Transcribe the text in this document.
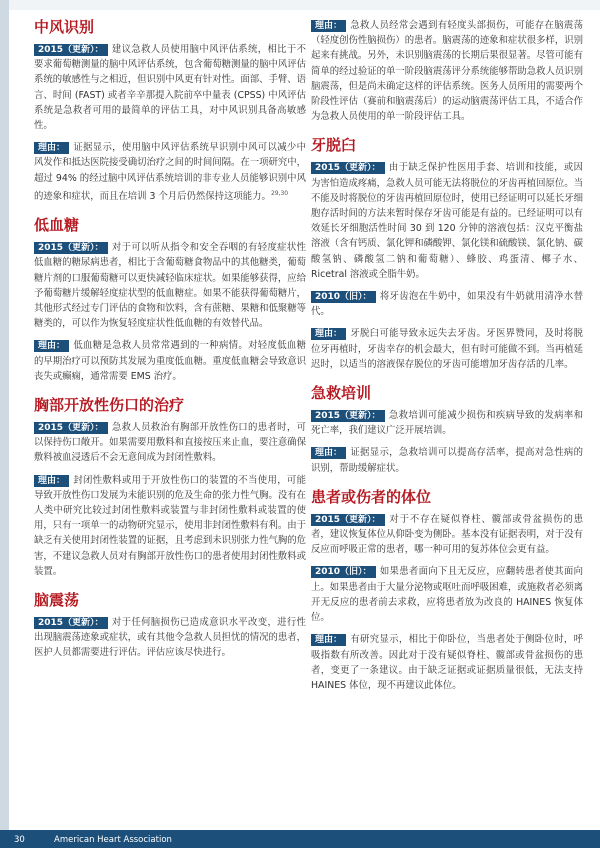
中风识别

2015（更新）： 建议急救人员使用脑中风评估系统，相比于不要求葡萄糖测量的脑中风评估系统，包含葡萄糖测量的脑中风评估系统的敏感性与之相近，但识别中风更有针对性。面部、手臂、语言、时间 (FAST) 或者辛辛那提入院前卒中量表 (CPSS) 中风评估系统是急救者可用的最简单的评估工具，对中风识别具备高敏感性。

理由： 证据显示，使用脑中风评估系统早识别中风可以减少中风发作和抵达医院接受确切治疗之间的时间间隔。在一项研究中，超过 94% 的经过脑中风评估系统培训的非专业人员能够识别中风的迹象和症状，而且在培训 3 个月后仍然保持这项能力。$^{29,30}$

低血糖

2015（更新）： 对于可以听从指令和安全吞咽的有轻度症状性低血糖的糖尿病患者，相比于含葡萄糖食物品中的其他糖类，葡萄糖片剂的口服葡萄糖可以更快减轻临床症状。如果能够获得，应给予葡萄糖片缓解轻度症状型的低血糖症。如果不能获得葡萄糖片，其他形式经过专门评估的食物和饮料，含有蔗糖、果糖和低聚糖等糖类的，可以作为恢复轻度症状性低血糖的有效替代品。

理由： 低血糖是急救人员常常遇到的一种病情。对轻度低血糖的早期治疗可以预防其发展为重度低血糖。重度低血糖会导致意识丧失或癫痫，通常需要 EMS 治疗。

胸部开放性伤口的治疗

2015（更新）： 急救人员救治有胸部开放性伤口的患者时，可以保持伤口敞开。如果需要用敷料和直接按压来止血，要注意确保敷料被血浸透后不会无意间成为封闭性敷料。

理由： 封闭性敷料或用于开放性伤口的装置的不当使用，可能导致开放性伤口发展为未能识别的危及生命的张力性气胸。没有在人类中研究比较过封闭性敷料或装置与非封闭性敷料或装置的使用，只有一项单一的动物研究显示，使用非封闭性敷料有利。由于缺乏有关使用封闭性装置的证据，且考虑到未识别张力性气胸的危害，不建议急救人员对有胸部开放性伤口的患者使用封闭性敷料或装置。

脑震荡

2015（更新）： 对于任何脑损伤已造成意识水平改变，进行性出现脑震荡迹象或症状，或有其他令急救人员担忧的情况的患者，医护人员都需要进行评估。评估应该尽快进行。

理由： 急救人员经常会遇到有轻度头部损伤，可能存在脑震荡（轻度创伤性脑损伤）的患者。脑震荡的迹象和症状很多样，识别起来有挑战。另外，未识别脑震荡的长期后果很显著。尽管可能有简单的经过验证的单一阶段脑震荡评分系统能够帮助急救人员识别脑震荡，但是尚未确定这样的评估系统。医务人员所用的需要两个阶段性评估（赛前和脑震荡后）的运动脑震荡评估工具，不适合作为急救人员使用的单一阶段评估工具。

牙脱臼

2015（更新）： 由于缺乏保护性医用手套、培训和技能，或因为害怕造成疼痛，急救人员可能无法将脱位的牙齿再植回原位。当不能及时将脱位的牙齿再植回原位时，使用已经证明可以延长牙细胞存活时间的方法来暂时保存牙齿可能是有益的。已经证明可以有效延长牙细胞活性时间 30 到 120 分钟的溶液包括：汉克平衡盐溶液（含有钙质、氯化钾和磷酸钾、氯化镁和硫酸镁、氯化钠、碳酸氢钠、磷酸氢二钠和葡萄糖）、蜂胶、鸡蛋清、椰子水、Ricetral 溶液或全脂牛奶。

2010（旧）： 将牙齿泡在牛奶中，如果没有牛奶就用清净水替代。

理由： 牙脱臼可能导致永远失去牙齿。牙医界赞同，及时将脱位牙再植时，牙齿幸存的机会最大，但有时可能做不到。当再植延迟时，以适当的溶液保存脱位的牙齿可能增加牙齿存活的几率。

急救培训

2015（更新）： 急救培训可能减少损伤和疾病导致的发病率和死亡率，我们建议广泛开展培训。

理由： 证据显示，急救培训可以提高存活率，提高对急性病的识别，帮助缓解症状。

患者或伤者的体位

2015（更新）： 对于不存在疑似脊柱、髋部或骨盆损伤的患者，建议恢复体位从仰卧变为侧卧。基本没有证据表明，对于没有反应而呼吸正常的患者，哪一种可用的复苏体位会更有益。

2010（旧）： 如果患者面向下且无反应，应翻转患者使其面向上。如果患者由于大量分泌物或呕吐而呼吸困难，或施救者必须离开无反应的患者前去求救，应将患者放为改良的 HAINES 恢复体位。

理由： 有研究显示，相比于仰卧位，当患者处于侧卧位时，呼吸指数有所改善。因此对于没有疑似脊柱、髋部或骨盆损伤的患者，变更了一条建议。由于缺乏证据或证据质量很低，无法支持 HAINES 体位，现不再建议此体位。

30	American Heart Association
